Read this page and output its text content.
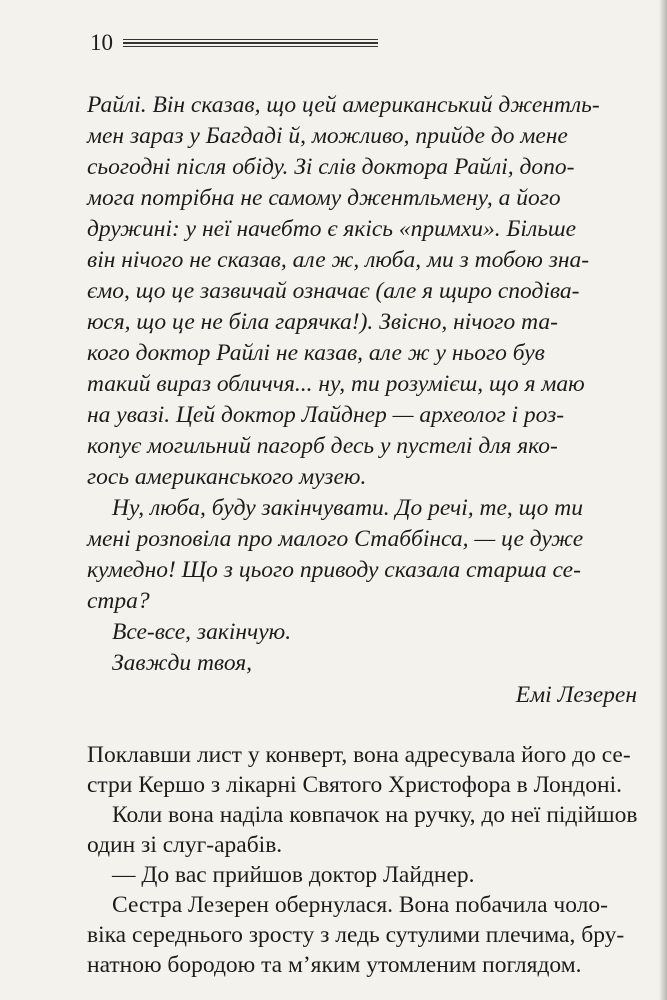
10
Райлі. Він сказав, що цей американський джентль-
мен зараз у Багдаді й, можливо, прийде до мене
сьогодні після обіду. Зі слів доктора Райлі, допо-
мога потрібна не самому джентльмену, а його
дружині: у неї начебто є якісь «примхи». Більше
він нічого не сказав, але ж, люба, ми з тобою зна-
ємо, що це зазвичай означає (але я щиро сподіва-
юся, що це не біла гарячка!). Звісно, нічого та-
кого доктор Райлі не казав, але ж у нього був
такий вираз обличчя... ну, ти розумієш, що я маю
на увазі. Цей доктор Лайднер — археолог і роз-
копує могильний пагорб десь у пустелі для яко-
гось американського музею.
Ну, люба, буду закінчувати. До речі, те, що ти
мені розповіла про малого Стаббінса, — це дуже
кумедно! Що з цього приводу сказала старша се-
стра?
Все-все, закінчую.
Завжди твоя,
Емі Лезерен
Поклавши лист у конверт, вона адресувала його до се-
стри Кершо з лікарні Святого Христофора в Лондоні.
Коли вона наділа ковпачок на ручку, до неї підійшов
один зі слуг-арабів.
— До вас прийшов доктор Лайднер.
Сестра Лезерен обернулася. Вона побачила чоло-
віка середнього зросту з ледь сутулими плечима, бру-
натною бородою та м’яким утомленим поглядом.
